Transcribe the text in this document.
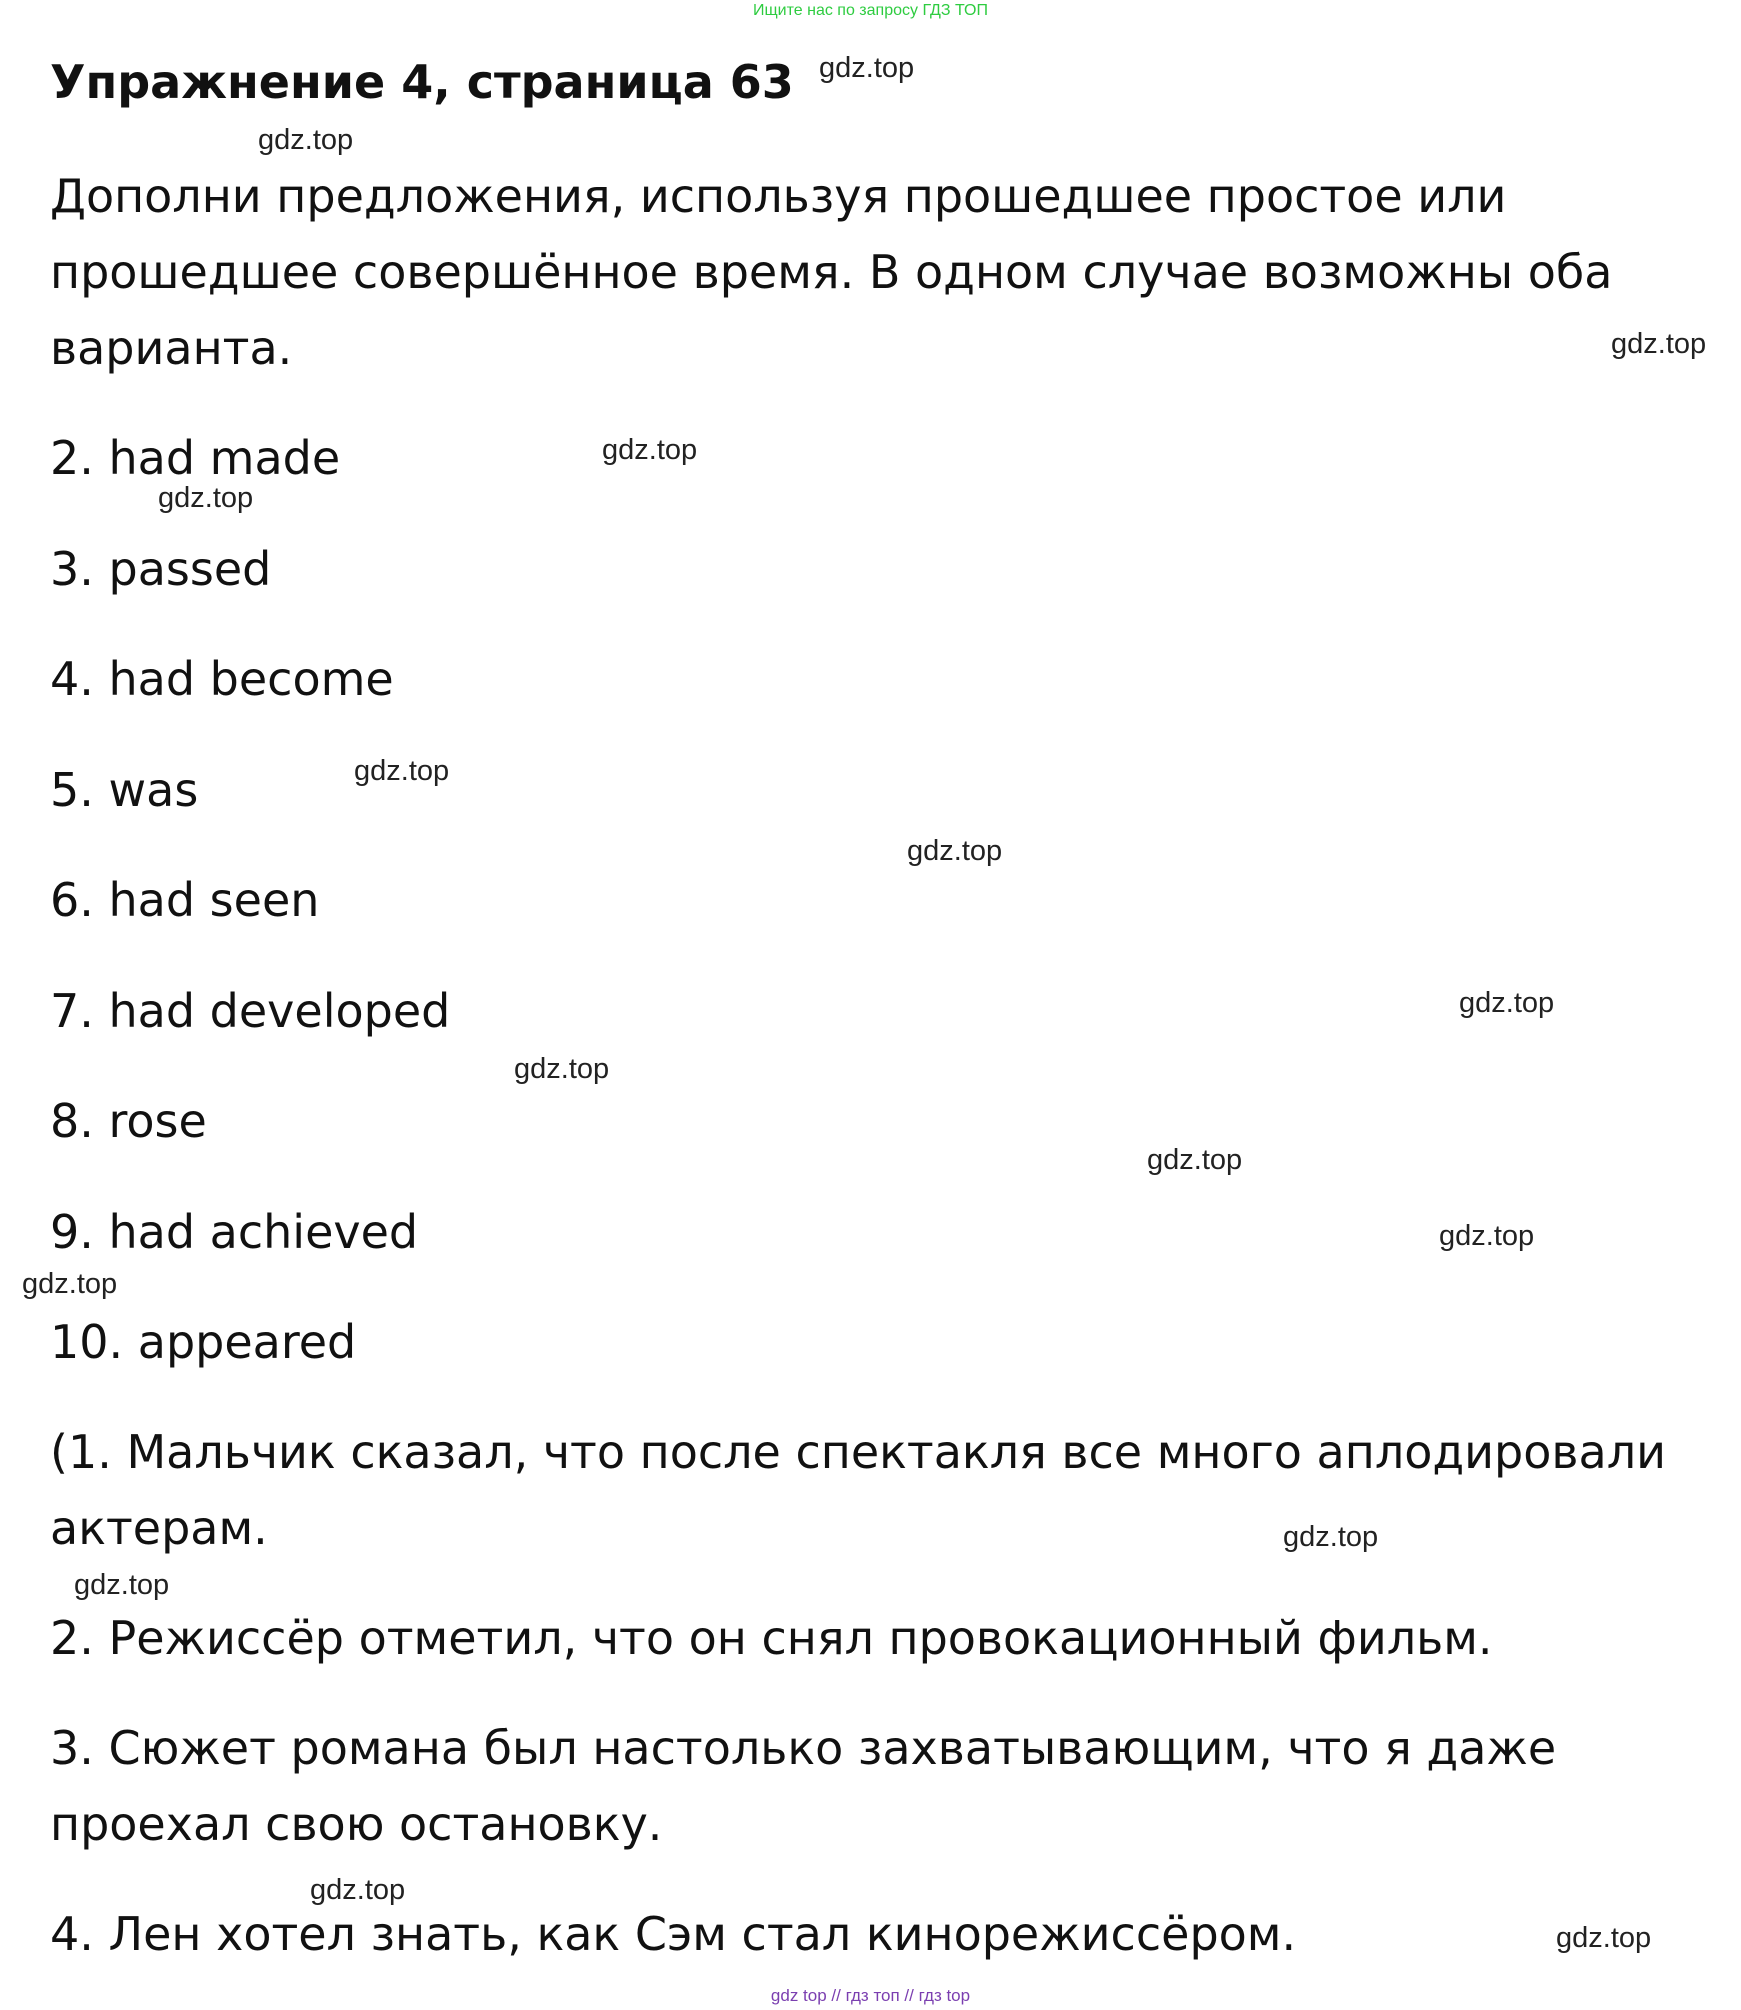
Ищите нас по запросу ГДЗ ТОП
Упражнение 4, страница 63

Дополни предложения, используя прошедшее простое или прошедшее совершённое время. В одном случае возможны оба варианта.

2. had made
3. passed
4. had become
5. was
6. had seen
7. had developed
8. rose
9. had achieved
10. appeared
(1. Мальчик сказал, что после спектакля все много аплодировали актерам.
2. Режиссёр отметил, что он снял провокационный фильм.
3. Сюжет романа был настолько захватывающим, что я даже проехал свою остановку.
4. Лен хотел знать, как Сэм стал кинорежиссёром.
gdz.top
gdz.top
gdz.top
gdz.top
gdz.top
gdz.top
gdz.top
gdz.top
gdz.top
gdz.top
gdz.top
gdz.top
gdz.top
gdz.top
gdz.top
gdz.top
gdz top // гдз топ // гдз top
